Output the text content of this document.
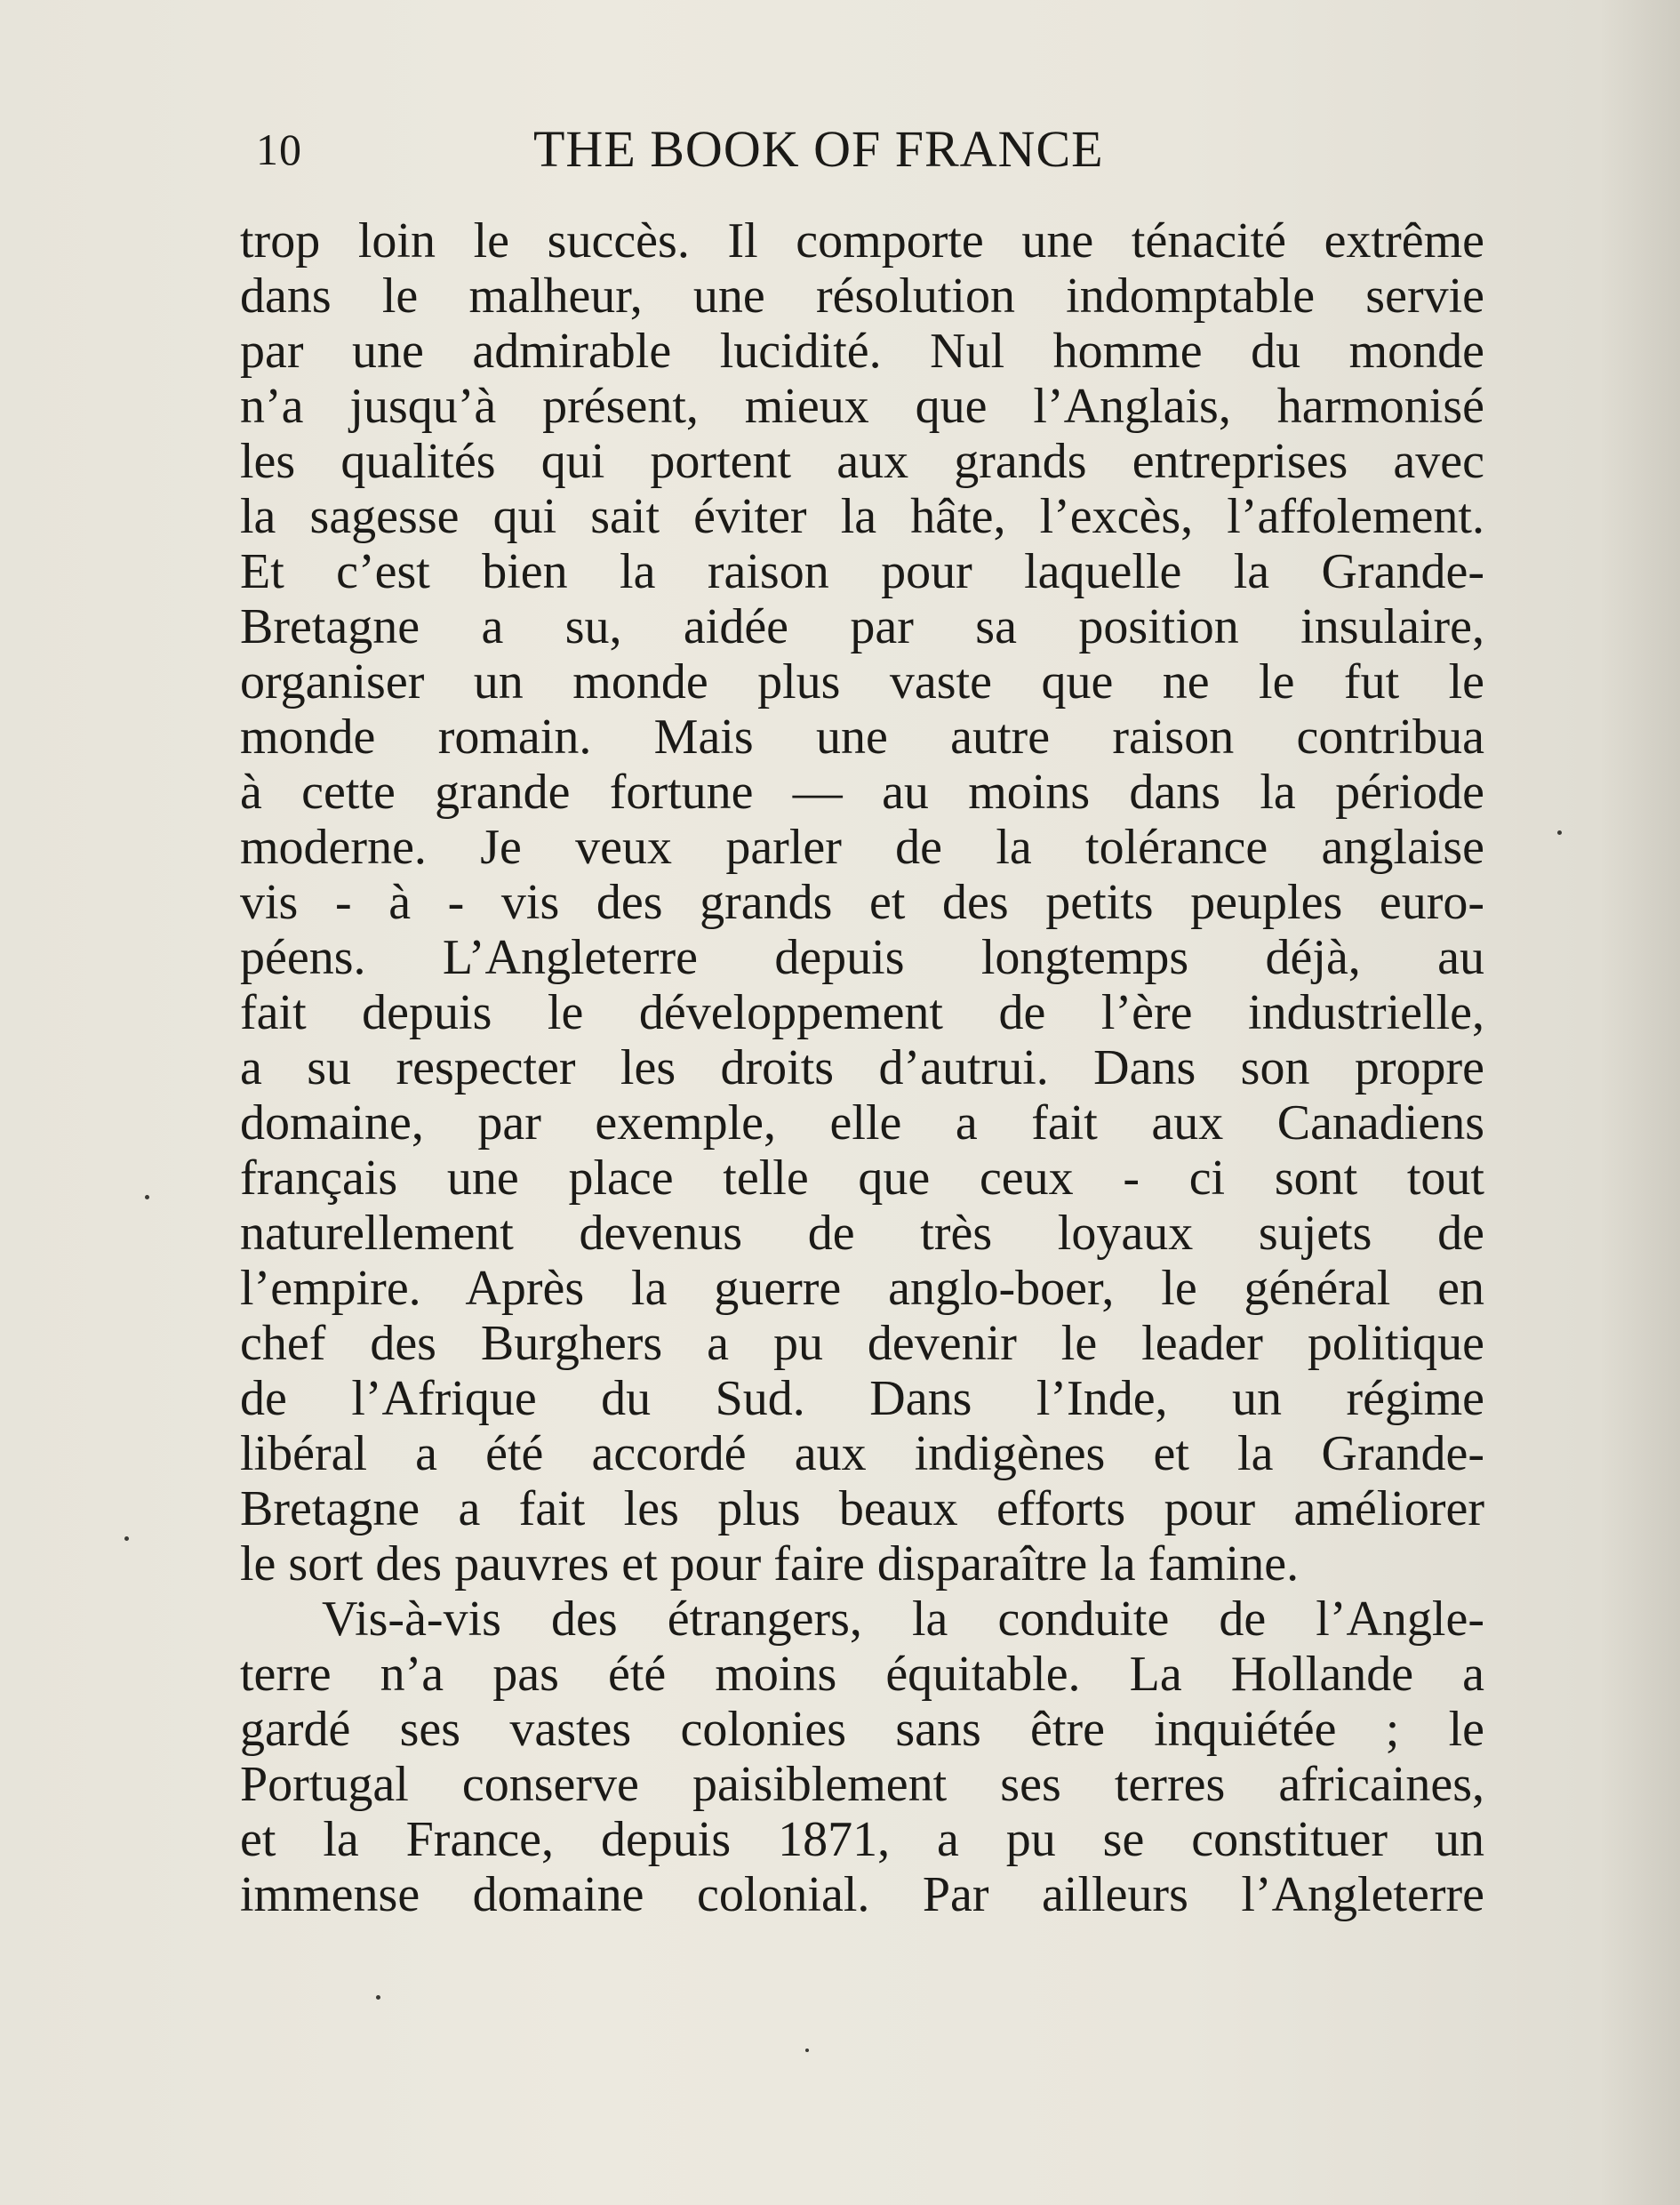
10	THE BOOK OF FRANCE
trop loin le succès. Il comporte une ténacité extrême
dans le malheur, une résolution indomptable servie
par une admirable lucidité. Nul homme du monde
n’a jusqu’à présent, mieux que l’Anglais, harmonisé
les qualités qui portent aux grands entreprises avec
la sagesse qui sait éviter la hâte, l’excès, l’affolement.
Et c’est bien la raison pour laquelle la Grande-
Bretagne a su, aidée par sa position insulaire,
organiser un monde plus vaste que ne le fut le
monde romain. Mais une autre raison contribua
à cette grande fortune — au moins dans la période
moderne. Je veux parler de la tolérance anglaise
vis - à - vis des grands et des petits peuples euro-
péens. L’Angleterre depuis longtemps déjà, au
fait depuis le développement de l’ère industrielle,
a su respecter les droits d’autrui. Dans son propre
domaine, par exemple, elle a fait aux Canadiens
français une place telle que ceux - ci sont tout
naturellement devenus de très loyaux sujets de
l’empire. Après la guerre anglo-boer, le général en
chef des Burghers a pu devenir le leader politique
de l’Afrique du Sud. Dans l’Inde, un régime
libéral a été accordé aux indigènes et la Grande-
Bretagne a fait les plus beaux efforts pour améliorer
le sort des pauvres et pour faire disparaître la famine.
Vis-à-vis des étrangers, la conduite de l’Angle-
terre n’a pas été moins équitable. La Hollande a
gardé ses vastes colonies sans être inquiétée ; le
Portugal conserve paisiblement ses terres africaines,
et la France, depuis 1871, a pu se constituer un
immense domaine colonial. Par ailleurs l’Angleterre
